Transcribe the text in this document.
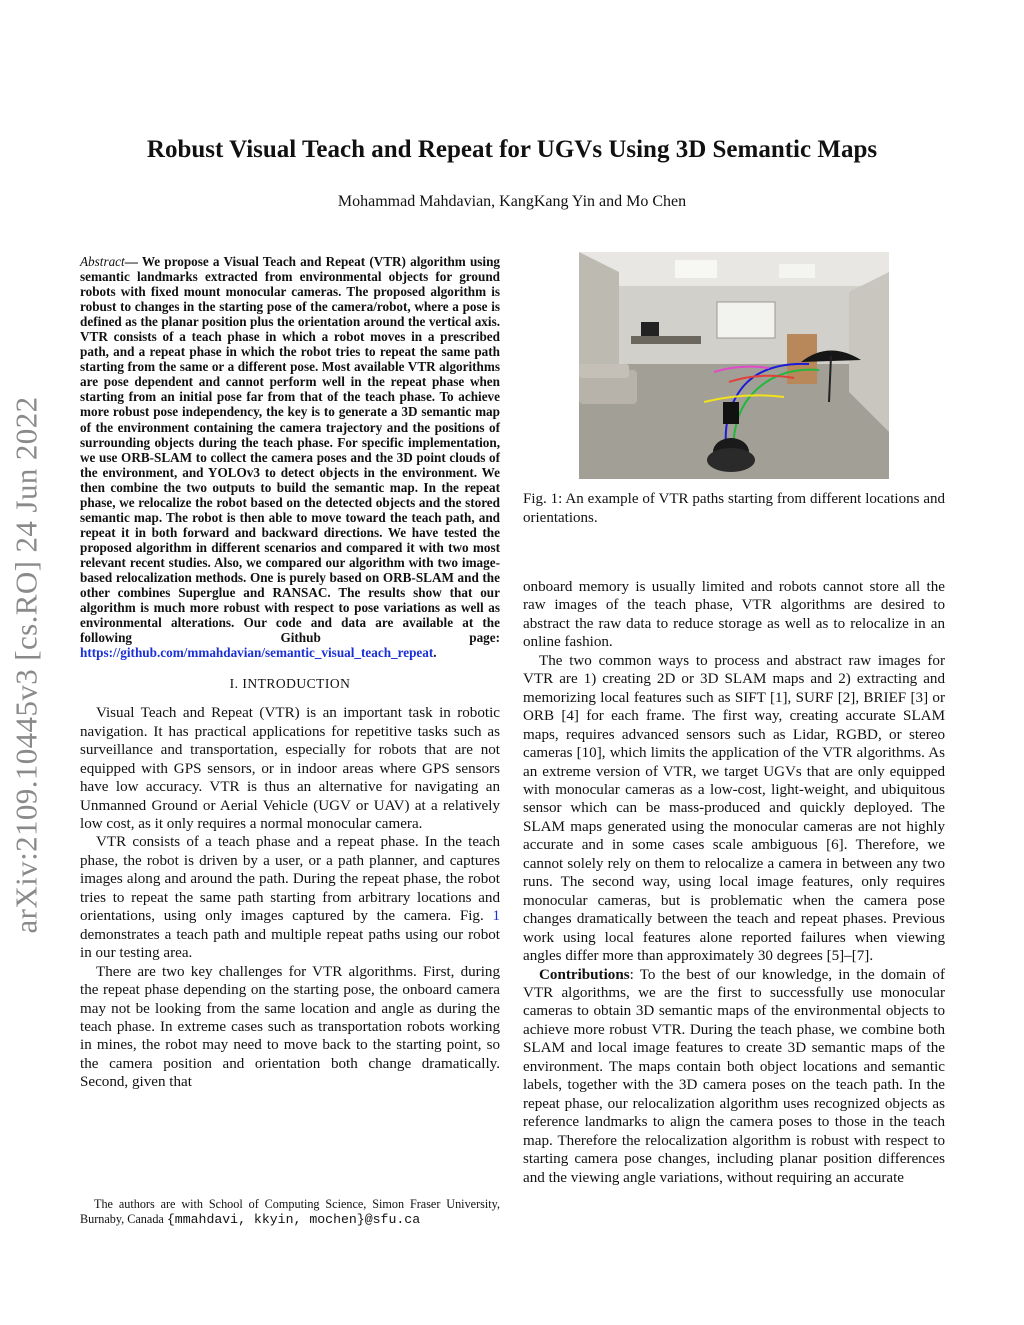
arXiv:2109.10445v3 [cs.RO] 24 Jun 2022
Robust Visual Teach and Repeat for UGVs Using 3D Semantic Maps
Mohammad Mahdavian, KangKang Yin and Mo Chen

Abstract— We propose a Visual Teach and Repeat (VTR) algorithm using semantic landmarks extracted from environmental objects for ground robots with fixed mount monocular cameras. The proposed algorithm is robust to changes in the starting pose of the camera/robot, where a pose is defined as the planar position plus the orientation around the vertical axis. VTR consists of a teach phase in which a robot moves in a prescribed path, and a repeat phase in which the robot tries to repeat the same path starting from the same or a different pose. Most available VTR algorithms are pose dependent and cannot perform well in the repeat phase when starting from an initial pose far from that of the teach phase. To achieve more robust pose independency, the key is to generate a 3D semantic map of the environment containing the camera trajectory and the positions of surrounding objects during the teach phase. For specific implementation, we use ORB-SLAM to collect the camera poses and the 3D point clouds of the environment, and YOLOv3 to detect objects in the environment. We then combine the two outputs to build the semantic map. In the repeat phase, we relocalize the robot based on the detected objects and the stored semantic map. The robot is then able to move toward the teach path, and repeat it in both forward and backward directions. We have tested the proposed algorithm in different scenarios and compared it with two most relevant recent studies. Also, we compared our algorithm with two image-based relocalization methods. One is purely based on ORB-SLAM and the other combines Superglue and RANSAC. The results show that our algorithm is much more robust with respect to pose variations as well as environmental alterations. Our code and data are available at the following Github page: https://github.com/mmahdavian/semantic_visual_teach_repeat.

I. INTRODUCTION

Visual Teach and Repeat (VTR) is an important task in robotic navigation. It has practical applications for repetitive tasks such as surveillance and transportation, especially for robots that are not equipped with GPS sensors, or in indoor areas where GPS sensors have low accuracy. VTR is thus an alternative for navigating an Unmanned Ground or Aerial Vehicle (UGV or UAV) at a relatively low cost, as it only requires a normal monocular camera.

VTR consists of a teach phase and a repeat phase. In the teach phase, the robot is driven by a user, or a path planner, and captures images along and around the path. During the repeat phase, the robot tries to repeat the same path starting from arbitrary locations and orientations, using only images captured by the camera. Fig. 1 demonstrates a teach path and multiple repeat paths using our robot in our testing area.

There are two key challenges for VTR algorithms. First, during the repeat phase depending on the starting pose, the onboard camera may not be looking from the same location and angle as during the teach phase. In extreme cases such as transportation robots working in mines, the robot may need to move back to the starting point, so the camera position and orientation both change dramatically. Second, given that

The authors are with School of Computing Science, Simon Fraser University, Burnaby, Canada {mmahdavi, kkyin, mochen}@sfu.ca

Fig. 1: An example of VTR paths starting from different locations and orientations.

onboard memory is usually limited and robots cannot store all the raw images of the teach phase, VTR algorithms are desired to abstract the raw data to reduce storage as well as to relocalize in an online fashion.

The two common ways to process and abstract raw images for VTR are 1) creating 2D or 3D SLAM maps and 2) extracting and memorizing local features such as SIFT [1], SURF [2], BRIEF [3] or ORB [4] for each frame. The first way, creating accurate SLAM maps, requires advanced sensors such as Lidar, RGBD, or stereo cameras [10], which limits the application of the VTR algorithms. As an extreme version of VTR, we target UGVs that are only equipped with monocular cameras as a low-cost, light-weight, and ubiquitous sensor which can be mass-produced and quickly deployed. The SLAM maps generated using the monocular cameras are not highly accurate and in some cases scale ambiguous [6]. Therefore, we cannot solely rely on them to relocalize a camera in between any two runs. The second way, using local image features, only requires monocular cameras, but is problematic when the camera pose changes dramatically between the teach and repeat phases. Previous work using local features alone reported failures when viewing angles differ more than approximately 30 degrees [5]–[7].

Contributions: To the best of our knowledge, in the domain of VTR algorithms, we are the first to successfully use monocular cameras to obtain 3D semantic maps of the environmental objects to achieve more robust VTR. During the teach phase, we combine both SLAM and local image features to create 3D semantic maps of the environment. The maps contain both object locations and semantic labels, together with the 3D camera poses on the teach path. In the repeat phase, our relocalization algorithm uses recognized objects as reference landmarks to align the camera poses to those in the teach map. Therefore the relocalization algorithm is robust with respect to starting camera pose changes, including planar position differences and the viewing angle variations, without requiring an accurate
